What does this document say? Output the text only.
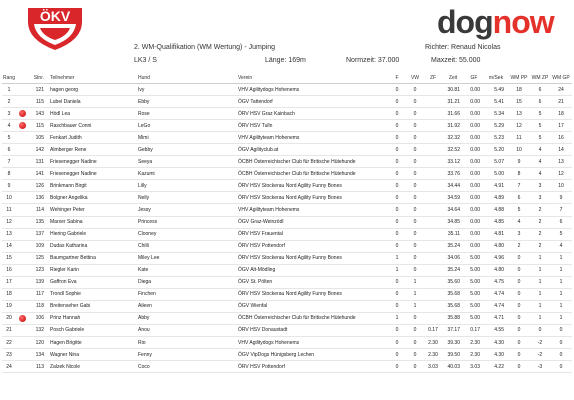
ÖKV	dognow
2. WM-Qualifikation (WM Wertung) - Jumping	Richter: Renaud Nicolas
LK3 / S	Länge: 169m	Normzeit: 37.000	Maxzeit: 55.000
Rang		Stnr.	Teilnehmer	Hund	Verein	F	VW	ZF	Zeit	GF	m/Sek	WM PP	WM ZP	WM GP
1		121	hagen georg	Ivy	VHV Agilitydogs Hohenems	0	0		30.81	0.00	5.49	18	6	24
2		115	Lubei Daniela	Ebby	ÖGV Tattendorf	0	0		31.21	0.00	5.41	15	6	21
3		143	Hödl Lea	Rose	ÖRV HSV Graz Kainbach	0	0		31.66	0.00	5.34	13	5	18
4		115	Raschbauer Conni	LeGo	ÖRV HSV Tulln	0	0		31.92	0.00	5.29	12	5	17
5		105	Fenkart Judith	Mimi	VHV Agilityteam Hohenems	0	0		32.32	0.00	5.23	11	5	16
6		142	Almberger Rene	Gebby	ÖGV Agilityclub.at	0	0		32.52	0.00	5.20	10	4	14
7		131	Friesenegger Nadine	Seeya	ÖCBH Österreichischer Club für Britische Hütehunde	0	0		33.12	0.00	5.07	9	4	13
8		141	Friesenegger Nadine	Kazumi	ÖCBH Österreichischer Club für Britische Hütehunde	0	0		33.76	0.00	5.00	8	4	12
9		126	Brinkmann Birgit	Lilly	ÖRV HSV Stockerau Nord Agility Funny Bones	0	0		34.44	0.00	4.91	7	3	10
10		136	Bolgner Angelika	Nelly	ÖRV HSV Stockerau Nord Agility Funny Bones	0	0		34.59	0.00	4.89	6	3	9
11		114	Wehinger Peter	Jessy	VHV Agilityteam Hohenems	0	0		34.64	0.00	4.88	5	2	7
12		135	Marxer Sabina	Princess	ÖGV Graz-Weinzödl	0	0		34.85	0.00	4.85	4	2	6
13		137	Hiering Gabriele	Clooney	ÖRV HSV Frauental	0	0		35.11	0.00	4.81	3	2	5
14		109	Dudas Katharina	Chilli	ÖRV HSV Pottendorf	0	0		35.24	0.00	4.80	2	2	4
15		125	Baumgartner Bettina	Miley Lee	ÖRV HSV Stockerau Nord Agility Funny Bones	1	0		34.06	5.00	4.96	0	1	1
16		123	Riegler Karin	Kate	ÖGV Alt-Mödling	1	0		35.24	5.00	4.80	0	1	1
17		139	Gaffron Eva	Diega	ÖGV St. Pölten	0	1		35.60	5.00	4.75	0	1	1
18		117	Trondl Sophie	Finchen	ÖRV HSV Stockerau Nord Agility Funny Bones	0	1		35.68	5.00	4.74	0	1	1
19		118	Breitenseher Gabi	Aileen	ÖGV Wienfal	0	1		35.68	5.00	4.74	0	1	1
20		106	Prinz Hannah	Abby	ÖCBH Österreichischer Club für Britische Hütehunde	1	0		35.88	5.00	4.71	0	1	1
21		132	Posch Gabriele	Anou	ÖRV HSV Donaustadt	0	0	0.17	37.17	0.17	4.55	0	0	0
22		120	Hagen Brigitte	Rio	VHV Agilitydogs Hohenems	0	0	2.30	39.30	2.30	4.30	0	-2	0
23		134	Wagner Nina	Fenny	ÖGV VipDogs Hünigsberg Lechen	0	0	2.30	39.50	2.30	4.30	0	-2	0
24		113	Zalzek Nicole	Coco	ÖRV HSV Pottendorf	0	0	3.03	40.03	3.03	4.22	0	-3	0
